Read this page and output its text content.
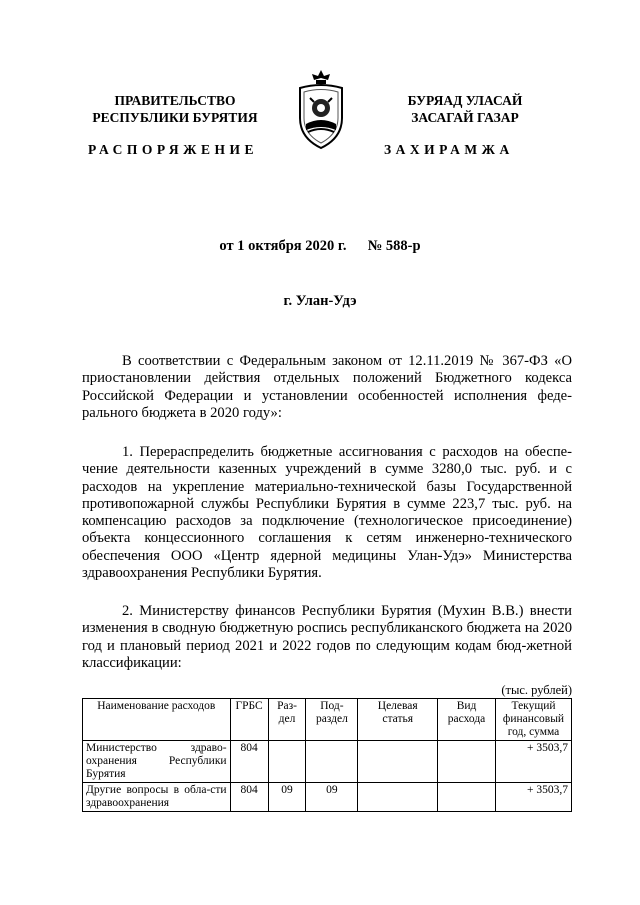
ПРАВИТЕЛЬСТВО
РЕСПУБЛИКИ БУРЯТИЯ
БУРЯАД УЛАСАЙ
ЗАСАГАЙ ГАЗАР
РАСПОРЯЖЕНИЕ	ЗАХИРАМЖА
от 1 октября 2020 г. № 588-р
г. Улан-Удэ

В соответствии с Федеральным законом от 12.11.2019 № 367-ФЗ «О приостановлении действия отдельных положений Бюджетного кодекса Российской Федерации и установлении особенностей исполнения феде-рального бюджета в 2020 году»:

1. Перераспределить бюджетные ассигнования с расходов на обеспе-чение деятельности казенных учреждений в сумме 3280,0 тыс. руб. и с расходов на укрепление материально-технической базы Государственной противопожарной службы Республики Бурятия в сумме 223,7 тыс. руб. на компенсацию расходов за подключение (технологическое присоединение) объекта концессионного соглашения к сетям инженерно-технического обеспечения ООО «Центр ядерной медицины Улан-Удэ» Министерства здравоохранения Республики Бурятия.

2. Министерству финансов Республики Бурятия (Мухин В.В.) внести изменения в сводную бюджетную роспись республиканского бюджета на 2020 год и плановый период 2021 и 2022 годов по следующим кодам бюд-жетной классификации:

(тыс. рублей)
Наименование расходов	ГРБС	Раз-дел	Под-раздел	Целевая статья	Вид расхода	Текущий финансовый год, сумма
Министерство здраво-охранения Республики Бурятия	804					+ 3503,7
Другие вопросы в обла-сти здравоохранения	804	09	09			+ 3503,7
